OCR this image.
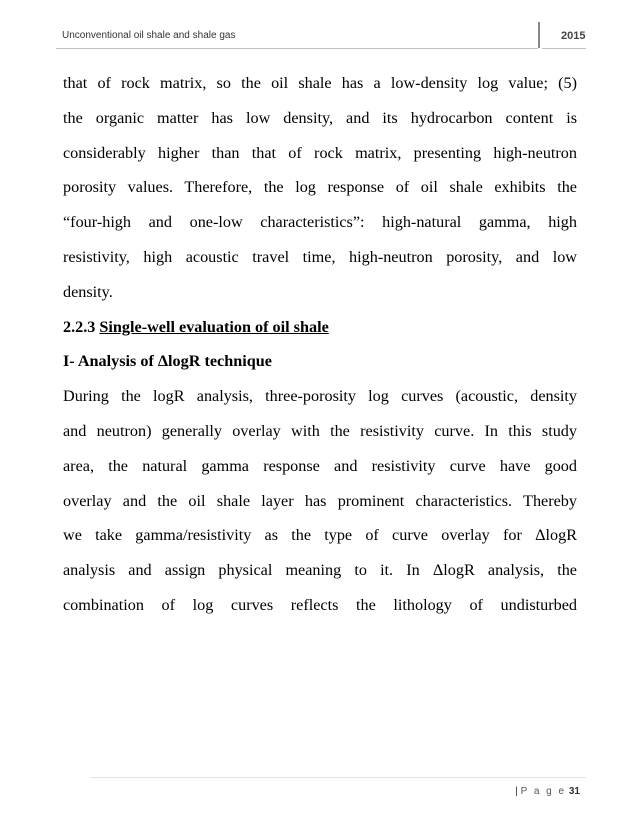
Unconventional oil shale and shale gas	2015

that of rock matrix, so the oil shale has a low-density log value; (5)
the organic matter has low density, and its hydrocarbon content is
considerably higher than that of rock matrix, presenting high-neutron
porosity values. Therefore, the log response of oil shale exhibits the
“four-high and one-low characteristics”: high-natural gamma, high
resistivity, high acoustic travel time, high-neutron porosity, and low
density.

2.2.3 Single-well evaluation of oil shale
I- Analysis of ΔlogR technique

During the logR analysis, three-porosity log curves (acoustic, density
and neutron) generally overlay with the resistivity curve. In this study
area, the natural gamma response and resistivity curve have good
overlay and the oil shale layer has prominent characteristics. Thereby
we take gamma/resistivity as the type of curve overlay for ΔlogR
analysis and assign physical meaning to it. In ΔlogR analysis, the
combination of log curves reflects the lithology of undisturbed

| P a g e 31
